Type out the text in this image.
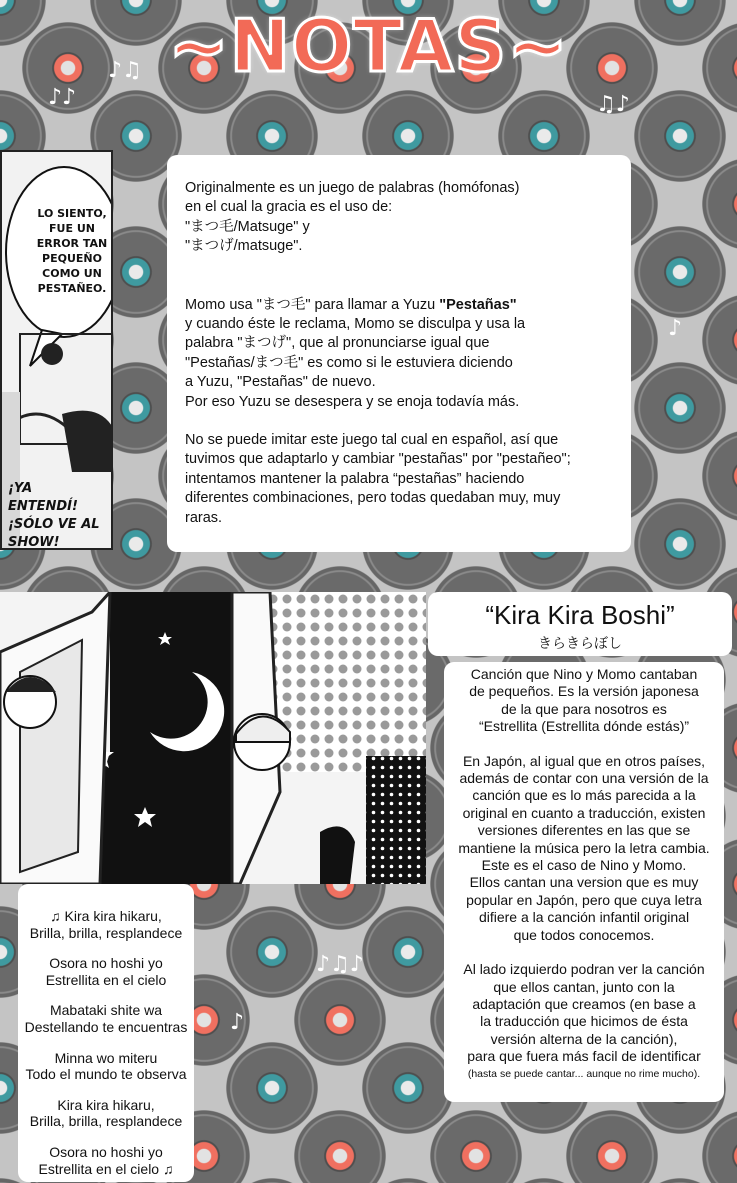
~NOTAS~
♪♫
♪♪	♫♪
♪
♪♫♪
♪
LO SIENTO, FUE UN ERROR TAN PEQUEÑO COMO UN PESTAÑEO.
¡YA ENTENDÍ! ¡SÓLO VE AL SHOW!

Originalmente es un juego de palabras (homófonas)

en el cual la gracia es el uso de:

"まつ毛/Matsuge" y

"まつげ/matsuge".

Momo usa "まつ毛" para llamar a Yuzu "Pestañas"

y cuando éste le reclama, Momo se disculpa y usa la

palabra "まつげ", que al pronunciarse igual que

"Pestañas/まつ毛" es como si le estuviera diciendo

a Yuzu, "Pestañas" de nuevo.

Por eso Yuzu se desespera y se enoja todavía más.

No se puede imitar este juego tal cual en español, así que

tuvimos que adaptarlo y cambiar "pestañas" por "pestañeo";

intentamos mantener la palabra “pestañas” haciendo

diferentes combinaciones, pero todas quedaban muy, muy

raras.

“Kira Kira Boshi”
きらきらぼし

Canción que Nino y Momo cantaban

de pequeños. Es la versión japonesa

de la que para nosotros es

“Estrellita (Estrellita dónde estás)”

En Japón, al igual que en otros países,

además de contar con una versión de la

canción que es lo más parecida a la

original en cuanto a traducción, existen

versiones diferentes en las que se

mantiene la música pero la letra cambia.

Este es el caso de Nino y Momo.

Ellos cantan una version que es muy

popular en Japón, pero que cuya letra

difiere a la canción infantil original

que todos conocemos.

Al lado izquierdo podran ver la canción

que ellos cantan, junto con la

adaptación que creamos (en base a

la traducción que hicimos de ésta

versión alterna de la canción),

para que fuera más facil de identificar

(hasta se puede cantar... aunque no rime mucho).

♫ Kira kira hikaru,
Brilla, brilla, resplandece

Osora no hoshi yo
Estrellita en el cielo

Mabataki shite wa
Destellando te encuentras

Minna wo miteru
Todo el mundo te observa

Kira kira hikaru,
Brilla, brilla, resplandece

Osora no hoshi yo
Estrellita en el cielo ♫
